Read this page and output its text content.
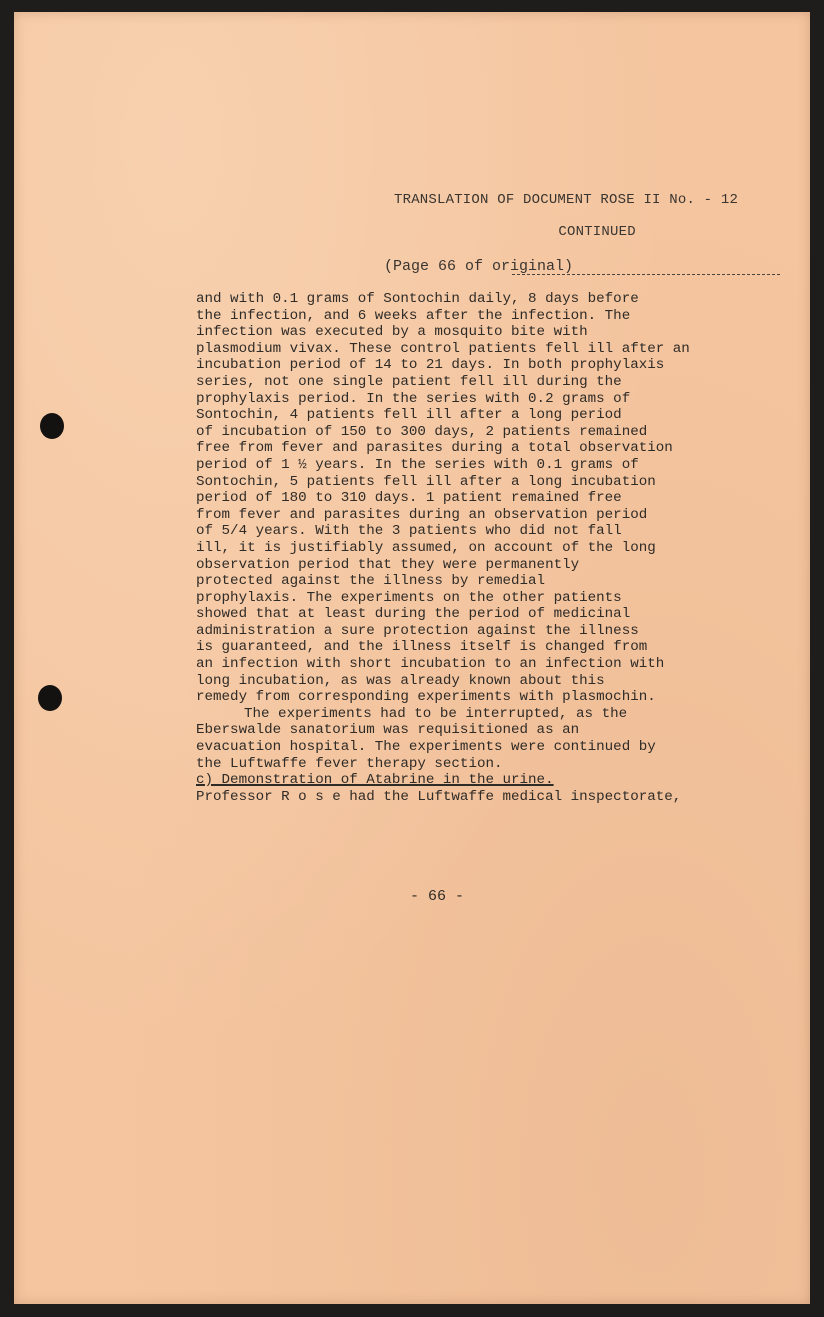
TRANSLATION OF DOCUMENT ROSE II No. - 12

CONTINUED

(Page 66 of original)
and with 0.1 grams of Sontochin daily, 8 days before
the infection, and 6 weeks after the infection. The
infection was executed by a mosquito bite with
plasmodium vivax. These control patients fell ill after an
incubation period of 14 to 21 days. In both prophylaxis
series, not one single patient fell ill during the
prophylaxis period. In the series with 0.2 grams of
Sontochin, 4 patients fell ill after a long period
of incubation of 150 to 300 days, 2 patients remained
free from fever and parasites during a total observation
period of 1 ½ years. In the series with 0.1 grams of
Sontochin, 5 patients fell ill after a long incubation
period of 180 to 310 days. 1 patient remained free
from fever and parasites during an observation period
of 5/4 years. With the 3 patients who did not fall
ill, it is justifiably assumed, on account of the long
observation period that they were permanently
protected against the illness by remedial
prophylaxis. The experiments on the other patients
showed that at least during the period of medicinal
administration a sure protection against the illness
is guaranteed, and the illness itself is changed from
an infection with short incubation to an infection with
long incubation, as was already known about this
remedy from corresponding experiments with plasmochin.
The experiments had to be interrupted, as the
Eberswalde sanatorium was requisitioned as an
evacuation hospital. The experiments were continued by
the Luftwaffe fever therapy section.
c) Demonstration of Atabrine in the urine.
Professor R o s e had the Luftwaffe medical inspectorate,
- 66 -
